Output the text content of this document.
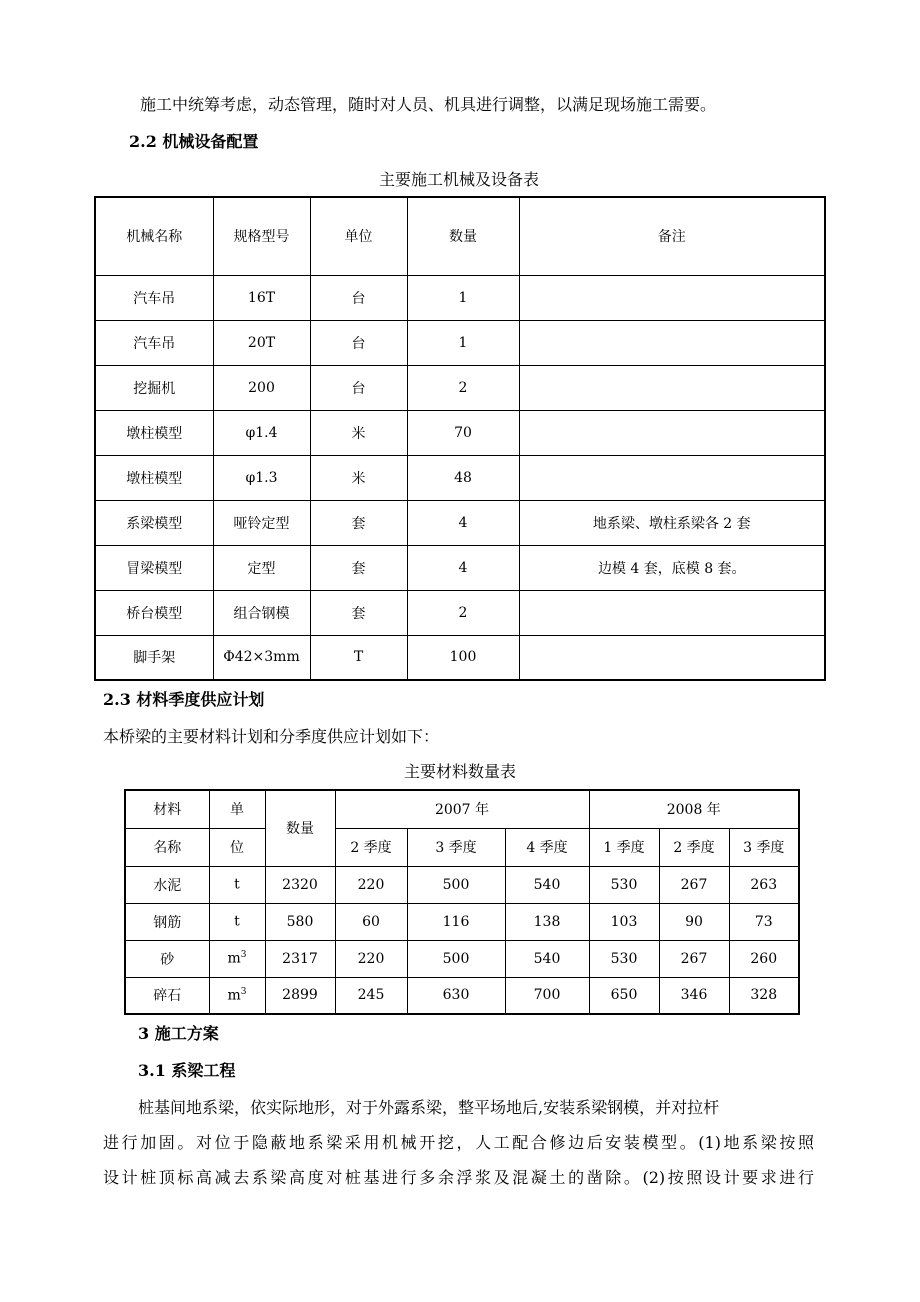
施工中统筹考虑，动态管理，随时对人员、机具进行调整，以满足现场施工需要。
2.2 机械设备配置
主要施工机械及设备表
机械名称	规格型号	单位	数量	备注
汽车吊	16T	台	1	
汽车吊	20T	台	1	
挖掘机	200	台	2	
墩柱模型	φ1.4	米	70	
墩柱模型	φ1.3	米	48	
系梁模型	哑铃定型	套	4	地系梁、墩柱系梁各 2 套
冒梁模型	定型	套	4	边模 4 套，底模 8 套。
桥台模型	组合钢模	套	2	
脚手架	Φ42×3mm	T	100	
2.3 材料季度供应计划
本桥梁的主要材料计划和分季度供应计划如下：
主要材料数量表
材料	单	数量	2007 年			2008 年		
名称	位		2 季度	3 季度	4 季度	1 季度	2 季度	3 季度
水泥	t	2320	220	500	540	530	267	263
钢筋	t	580	60	116	138	103	90	73
砂	$m^3$	2317	220	500	540	530	267	260
碎石	$m^3$	2899	245	630	700	650	346	328
3 施工方案
3.1 系梁工程
桩基间地系梁，依实际地形，对于外露系梁，整平场地后,安装系梁钢模，并对拉杆
进行加固。对位于隐蔽地系梁采用机械开挖，人工配合修边后安装模型。(1)地系梁按照
设计桩顶标高减去系梁高度对桩基进行多余浮浆及混凝土的凿除。(2)按照设计要求进行
